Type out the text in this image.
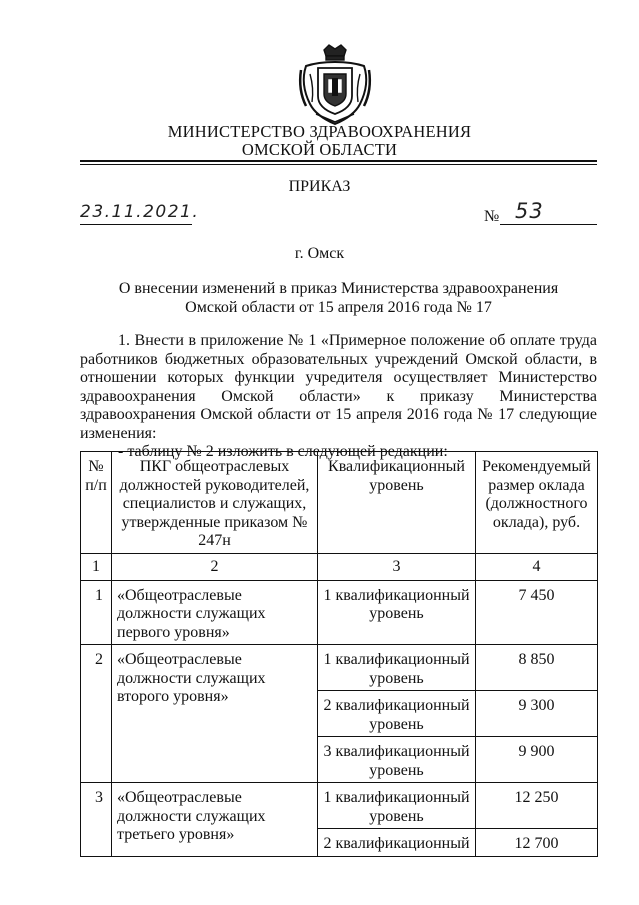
МИНИСТЕРСТВО ЗДРАВООХРАНЕНИЯ
ОМСКОЙ ОБЛАСТИ
ПРИКАЗ
23.11.2021.	№ 53
г. Омск
О внесении изменений в приказ Министерства здравоохранения
Омской области от 15 апреля 2016 года № 17

1. Внести в приложение № 1 «Примерное положение об оплате труда работников бюджетных образовательных учреждений Омской области, в отношении которых функции учредителя осуществляет Министерство здравоохранения Омской области» к приказу Министерства здравоохранения Омской области от 15 апреля 2016 года № 17 следующие изменения:

- таблицу № 2 изложить в следующей редакции:

№ п/п	ПКГ общеотраслевых должностей руководителей, специалистов и служащих, утвержденные приказом № 247н	Квалификационный уровень	Рекомендуемый размер оклада (должностного оклада), руб.
1	2	3	4
1	«Общеотраслевые должности служащих первого уровня»	1 квалификационный уровень	7 450
2	«Общеотраслевые должности служащих второго уровня»	1 квалификационный уровень	8 850
		2 квалификационный уровень	9 300
		3 квалификационный уровень	9 900
3	«Общеотраслевые должности служащих третьего уровня»	1 квалификационный уровень	12 250
		2 квалификационный	12 700
